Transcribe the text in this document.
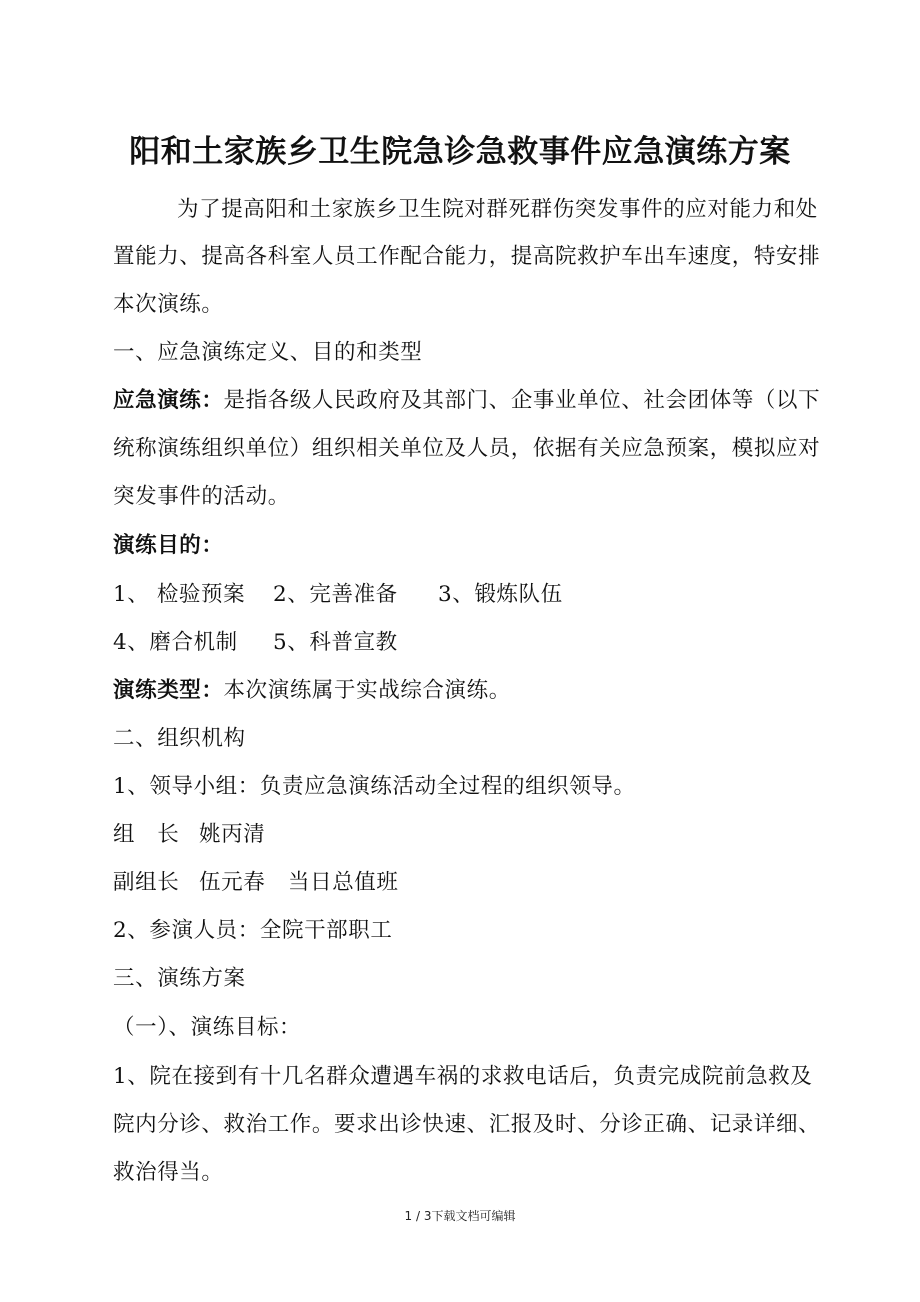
阳和土家族乡卫生院急诊急救事件应急演练方案
为了提高阳和土家族乡卫生院对群死群伤突发事件的应对能力和处
置能力、提高各科室人员工作配合能力，提高院救护车出车速度，特安排
本次演练。
一、应急演练定义、目的和类型
应急演练：是指各级人民政府及其部门、企事业单位、社会团体等（以下
统称演练组织单位）组织相关单位及人员，依据有关应急预案，模拟应对
突发事件的活动。
演练目的：
1、 检验预案 2、完善准备 3、锻炼队伍
4、磨合机制 5、科普宣教
演练类型：本次演练属于实战综合演练。
二、组织机构
1、领导小组：负责应急演练活动全过程的组织领导。
组　长 姚丙清
副组长 伍元春 当日总值班
2、参演人员：全院干部职工
三、演练方案
（一）、演练目标：
1、院在接到有十几名群众遭遇车祸的求救电话后，负责完成院前急救及
院内分诊、救治工作。要求出诊快速、汇报及时、分诊正确、记录详细、
救治得当。
1 / 3下载文档可编辑
